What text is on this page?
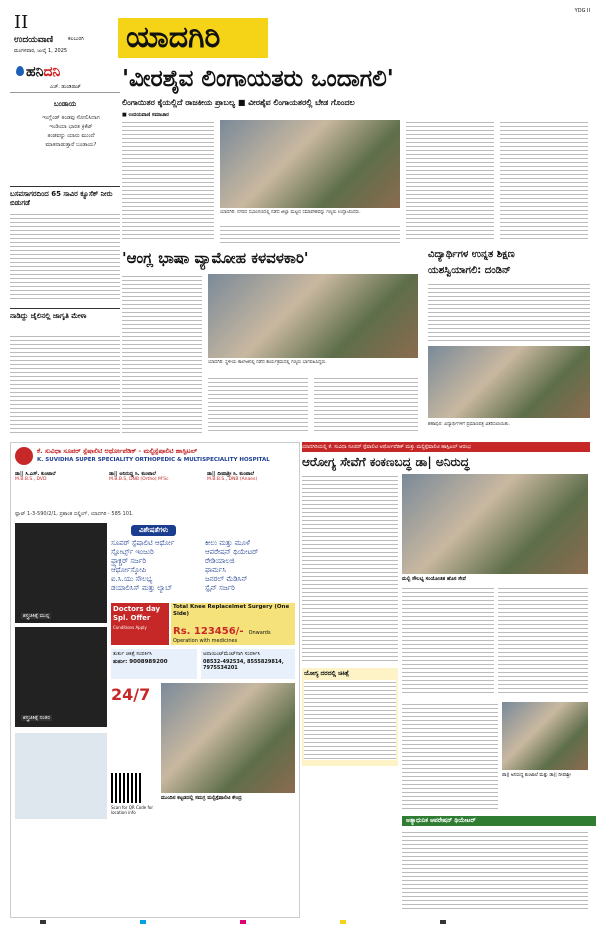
II
ಉದಯವಾಣಿ	ಕಲಬುರಗಿ
ಮಂಗಳವಾರ, ಜುಲೈ 1, 2025 ಯಾದಗಿರಿ
YDG II
ಹನಿದನಿ
ಎಚ್. ಡುಂಡಿರಾಜ್
ಬಂಡಾಯ
ಇಂಗ್ಲೆಂಡ್ ತಂಡವು ಸೋಲಿಸಿದಾಗ ಇಂಡಿಯಾ ಭಾರತ ಕ್ರಿಕೆಟ್ ತಂಡವನ್ನು ಯಾರು ಮುಂದೆ ಮಾತನಾಡುತ್ತಾರೆ ಬಂಡಾಯ?
ಬಸವಸಾಗರದಿಂದ 65 ಸಾವಿರ ಕ್ಯೂಸೆಕ್ ನೀರು ಬಿಡುಗಡೆ
ನಾಡಿದ್ದು ಜೈಲಿನಲ್ಲಿ ಜಾಗೃತಿ ಮೇಳಾ
'ವೀರಶೈವ ಲಿಂಗಾಯತರು ಒಂದಾಗಲಿ'
ಲಿಂಗಾಯಿತರ ಕೈಯಲ್ಲಿದೆ ರಾಜಕೀಯ ಪ್ರಾಬಲ್ಯ ■ ವೀರಶೈವ ಲಿಂಗಾಯತರಲ್ಲಿ ಬೇಡ ಗೊಂದಲ
■ ಉದಯವಾಣಿ ಸಮಾಚಾರ
ಯಾದಗಿರಿ: ನಗರದ ಸಭಾಂಗಣದಲ್ಲಿ ನಡೆದ ಜಿಲ್ಲಾ ಮಟ್ಟದ ಸಮಾವೇಶವನ್ನು ಗಣ್ಯರು ಉದ್ಘಾಟಿಸಿದರು.
'ಆಂಗ್ಲ ಭಾಷಾ ವ್ಯಾಮೋಹ ಕಳವಳಕಾರಿ'
ಯಾದಗಿರಿ: ಸ್ಥಳೀಯ ಕಾಲೇಜಿನಲ್ಲಿ ನಡೆದ ಕಾರ್ಯಕ್ರಮದಲ್ಲಿ ಗಣ್ಯರು ಭಾಗವಹಿಸಿದ್ದರು.
ವಿದ್ಯಾರ್ಥಿಗಳ ಉನ್ನತ ಶಿಕ್ಷಣ
ಯಶಸ್ವಿಯಾಗಲಿ: ದಂಡಿನ್
ಶಹಾಪುರ: ವಿದ್ಯಾರ್ಥಿಗಳಿಗೆ ಪ್ರಮಾಣಪತ್ರ ವಿತರಿಸಲಾಯಿತು.
ಕೆ. ಸುವಿಧಾ ಸೂಪರ್ ಸ್ಪೆಷಾಲಿಟಿ ಆರ್ಥೋಪೆಡಿಕ್ - ಮಲ್ಟಿಸ್ಪೆಷಾಲಿಟಿ ಹಾಸ್ಪಿಟಲ್
K. SUVIDHA SUPER SPECIALITY ORTHOPEDIC & MULTISPECIALITY HOSPITAL
ಡಾ|| ಸಿ.ಎಸ್. ಕುಂಟಾಲೆ
M.B.B.S., DVD
ಡಾ|| ಅನಿರುದ್ಧ ಸಿ. ಕುಂಟಾಲೆ
M.B.B.S, DNB (Ortho) M'Sc
ಡಾ|| ದೀಪಾಶ್ರೀ ಸಿ. ಕುಂಟಾಲೆ
M.B.B.S., DNB (Anaes)
ಪ್ಲಾಟ್ 1-3-590/2/1, ಪ್ರಶಾಂತ ಬಿಲ್ಡಿಂಗ್, ಯಾದಗಿರಿ - 585 101.
ಶಸ್ತ್ರಚಿಕಿತ್ಸೆ ಮುನ್ನ
ಶಸ್ತ್ರಚಿಕಿತ್ಸೆ ನಂತರ
ವಿಶೇಷತೆಗಳು
ಸೂಪರ್ ಸ್ಪೆಷಾಲಿಟಿ ಆರ್ಥೋ
ಸ್ಪೋರ್ಟ್ಸ್ ಇಂಜುರಿ
ಫ್ರ್ಯಾಕ್ಚರ್ ಸರ್ಜರಿ
ಆರ್ಥೋಸ್ಕೋಪಿ
ಐ.ಸಿ.ಯು ಸೌಲಭ್ಯ
ಡಯಾಲಿಸಿಸ್ ಮತ್ತು ಲ್ಯಾಬ್
ಕೀಲು ಮತ್ತು ಮೂಳೆ
ಆಪರೇಷನ್ ಥಿಯೇಟರ್
ರೇಡಿಯಾಲಜಿ
ಫಾರ್ಮಸಿ
ಜನರಲ್ ಮೆಡಿಸಿನ್
ಸ್ಪೈನ್ ಸರ್ಜರಿ
Doctors day Spl. Offer
Conditions Apply
Total Knee Replacelmet Surgery (One Side)
Rs. 123456/- Onwards
Operation with medicines
ತುರ್ತು ಚಿಕಿತ್ಸೆ ಸಂಪರ್ಕಿಸಿ
ತುರ್ತು: 9008989200
ಅಪಾಯಿಂಟ್‌ಮೆಂಟ್‌ಗಾಗಿ ಸಂಪರ್ಕಿಸಿ
08532-492534, 8555829814, 7975534201
24/7
Scan for QR Code for location info
ಮುಂದಿನ ಕಟ್ಟಡದಲ್ಲಿ ಸಮಗ್ರ ಮಲ್ಟಿಸ್ಪೆಷಾಲಿಟಿ ಕೇಂದ್ರ
ಯಾದಗಿರಿಯಲ್ಲಿ ಕೆ. ಸುವಿಧಾ ಸೂಪರ್ ಸ್ಪೆಷಾಲಿಟಿ ಆರ್ಥೋಪೆಡಿಕ್ ಮತ್ತು ಮಲ್ಟಿಸ್ಪೆಷಾಲಿಟಿ ಹಾಸ್ಪಿಟಲ್ ಆರಂಭ
ಆರೋಗ್ಯ ಸೇವೆಗೆ ಕಂಕಣಬದ್ಧ ಡಾ| ಅನಿರುದ್ಧ
ಮಲ್ಟಿ ಸೌಲಭ್ಯ ಸಂಯೋಜಿತ ಹೊಸ ಸೇವೆ
ಯೋಗ್ಯ ದರದಲ್ಲಿ ಚಿಕಿತ್ಸೆ
ಡಾ|| ಅನಿರುದ್ಧ ಕುಂಟಾಲೆ ಮತ್ತು ಡಾ|| ದೀಪಾಶ್ರೀ
ಅತ್ಯಾಧುನಿಕ ಆಪರೇಷನ್ ಥಿಯೇಟರ್
